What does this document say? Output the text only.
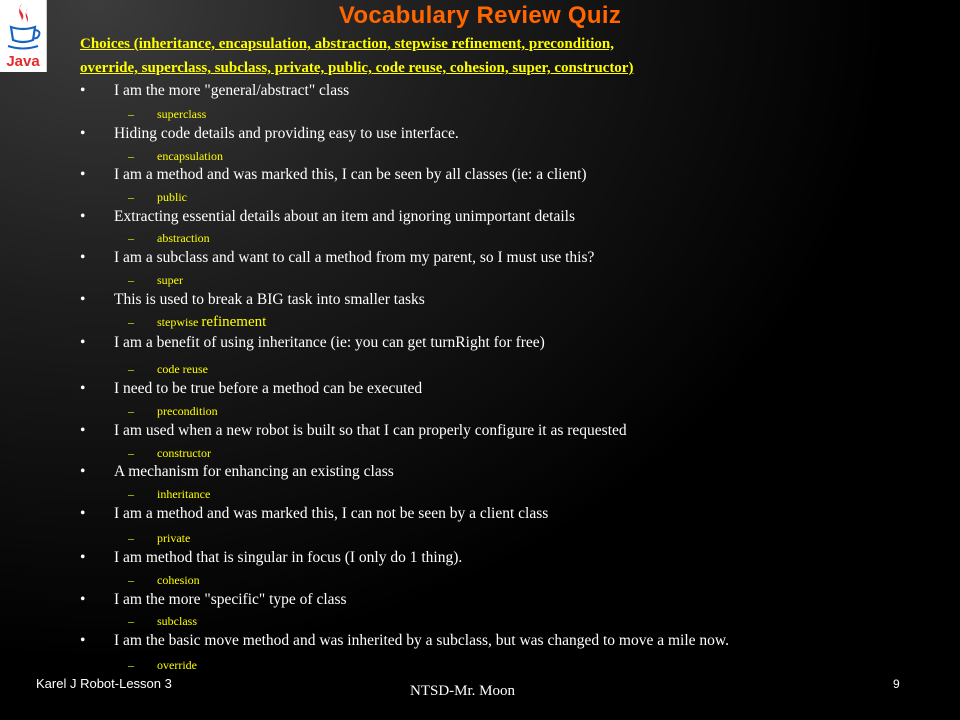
Java
Vocabulary Review Quiz
Choices (inheritance, encapsulation, abstraction, stepwise refinement, precondition,
override, superclass, subclass, private, public, code reuse, cohesion, super, constructor)
• I am the more "general/abstract" class
– superclass
• Hiding code details and providing easy to use interface.
– encapsulation
• I am a method and was marked this, I can be seen by all classes (ie: a client)
– public
• Extracting essential details about an item and ignoring unimportant details
– abstraction
• I am a subclass and want to call a method from my parent, so I must use this?
– super
• This is used to break a BIG task into smaller tasks
– stepwise refinement
• I am a benefit of using inheritance (ie: you can get turnRight for free)
– code reuse
• I need to be true before a method can be executed
– precondition
• I am used when a new robot is built so that I can properly configure it as requested
– constructor
• A mechanism for enhancing an existing class
– inheritance
• I am a method and was marked this, I can not be seen by a client class
– private
• I am method that is singular in focus (I only do 1 thing).
– cohesion
• I am the more "specific" type of class
– subclass
• I am the basic move method and was inherited by a subclass, but was changed to move a mile now.
– override
Karel J Robot-Lesson 3	NTSD-Mr. Moon	9
